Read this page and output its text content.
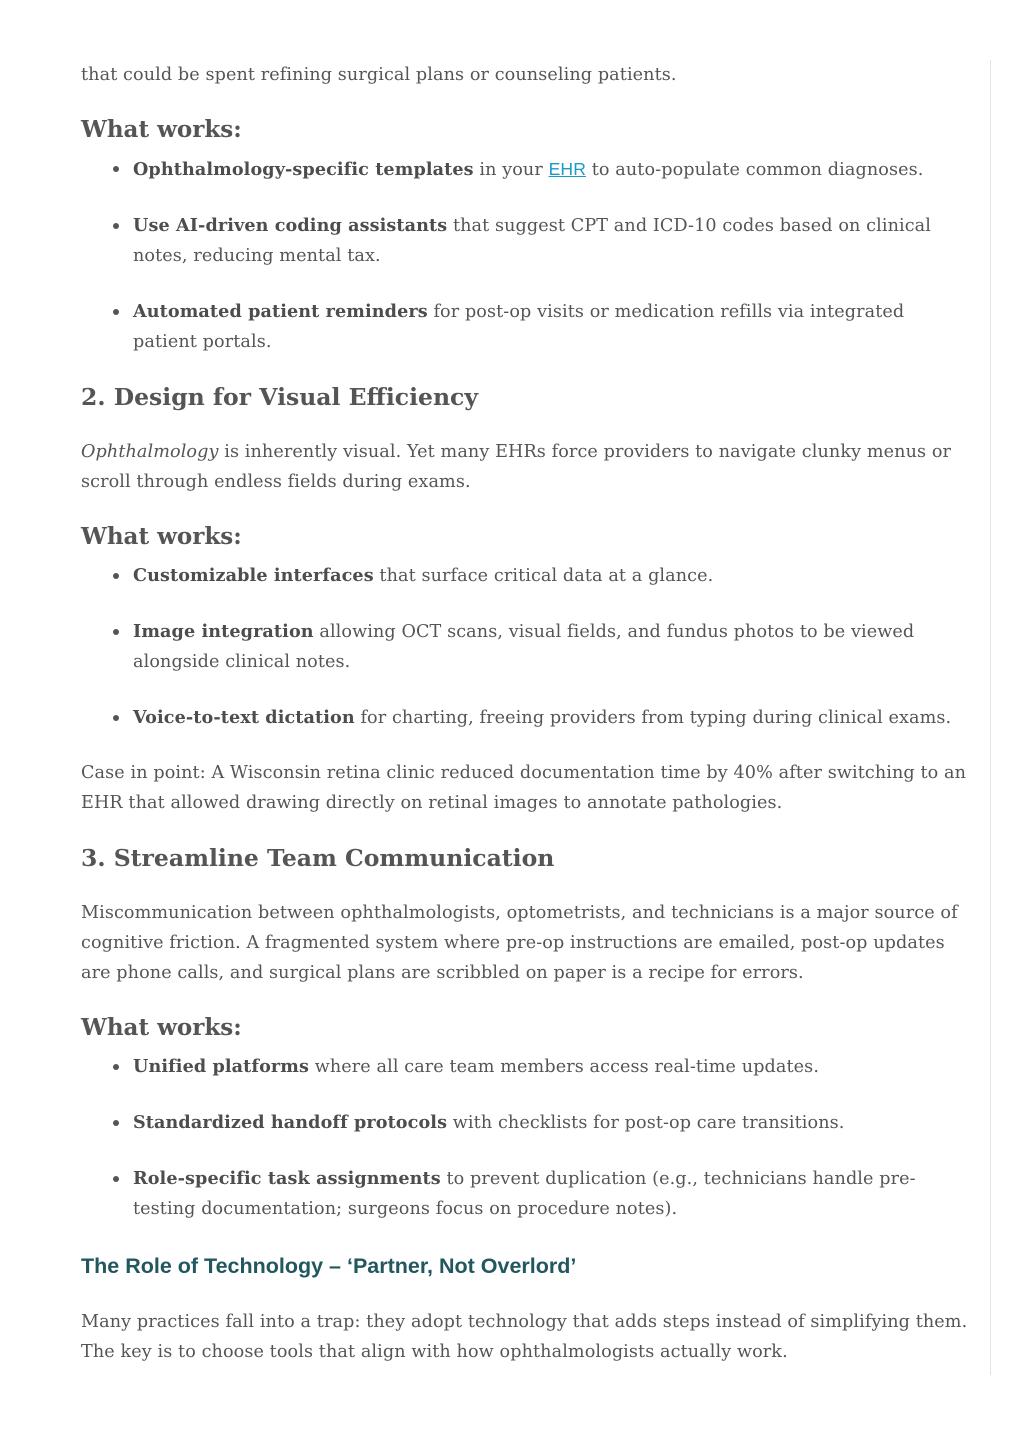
that could be spent refining surgical plans or counseling patients.

What works:
Ophthalmology-specific templates in your EHR to auto-populate common diagnoses.
Use AI-driven coding assistants that suggest CPT and ICD-10 codes based on clinical notes, reducing mental tax.
Automated patient reminders for post-op visits or medication refills via integrated patient portals.
2. Design for Visual Efficiency

Ophthalmology is inherently visual. Yet many EHRs force providers to navigate clunky menus or scroll through endless fields during exams.

What works:
Customizable interfaces that surface critical data at a glance.
Image integration allowing OCT scans, visual fields, and fundus photos to be viewed alongside clinical notes.
Voice-to-text dictation for charting, freeing providers from typing during clinical exams.

Case in point: A Wisconsin retina clinic reduced documentation time by 40% after switching to an EHR that allowed drawing directly on retinal images to annotate pathologies.

3. Streamline Team Communication

Miscommunication between ophthalmologists, optometrists, and technicians is a major source of cognitive friction. A fragmented system where pre-op instructions are emailed, post-op updates are phone calls, and surgical plans are scribbled on paper is a recipe for errors.

What works:
Unified platforms where all care team members access real-time updates.
Standardized handoff protocols with checklists for post-op care transitions.
Role-specific task assignments to prevent duplication (e.g., technicians handle pre-testing documentation; surgeons focus on procedure notes).
The Role of Technology – ‘Partner, Not Overlord’

Many practices fall into a trap: they adopt technology that adds steps instead of simplifying them. The key is to choose tools that align with how ophthalmologists actually work.
